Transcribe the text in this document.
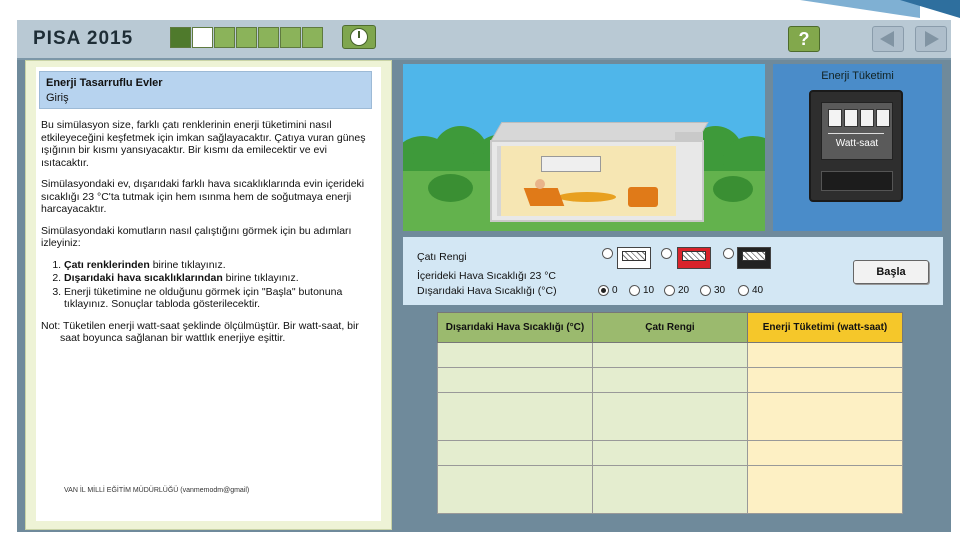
PISA 2015	?
Enerji Tasarruflu Evler
Giriş

Bu simülasyon size, farklı çatı renklerinin enerji tüketimini nasıl etkileyeceğini keşfetmek için imkan sağlayacaktır. Çatıya vuran güneş ışığının bir kısmı yansıyacaktır. Bir kısmı da emilecektir ve evi ısıtacaktır.

Simülasyondaki ev, dışarıdaki farklı hava sıcaklıklarında evin içerideki sıcaklığı 23 °C'ta tutmak için hem ısınma hem de soğutmaya enerji harcayacaktır.

Simülasyondaki komutların nasıl çalıştığını görmek için bu adımları izleyiniz:

1. Çatı renklerinden birine tıklayınız.
2. Dışarıdaki hava sıcaklıklarından birine tıklayınız.
3. Enerji tüketimine ne olduğunu görmek için "Başla" butonuna tıklayınız. Sonuçlar tabloda gösterilecektir.

Not: Tüketilen enerji watt-saat şeklinde ölçülmüştür. Bir watt-saat, bir saat boyunca sağlanan bir wattlık enerjiye eşittir.

VAN İL MİLLİ EĞİTİM MÜDÜRLÜĞÜ (vanmemodm@gmail)
Enerji Tüketimi
Watt-saat
Çatı Rengi
İçerideki Hava Sıcaklığı 23 °C
Dışarıdaki Hava Sıcaklığı (°C)	0	10 20 30	40
Başla
Dışarıdaki Hava Sıcaklığı (°C)	Çatı Rengi	Enerji Tüketimi (watt-saat)
